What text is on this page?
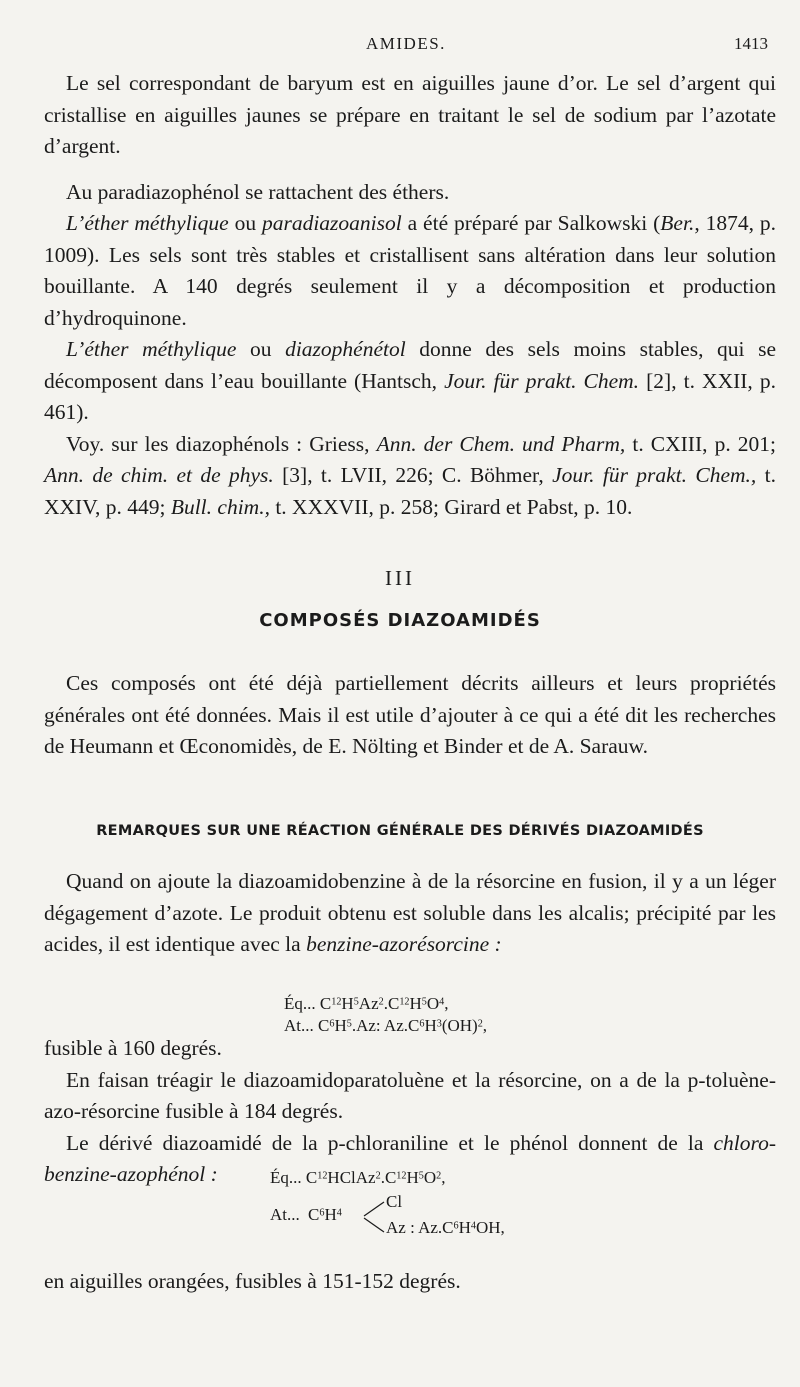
AMIDES.	1413

Le sel correspondant de baryum est en aiguilles jaune d’or. Le sel d’argent qui cristallise en aiguilles jaunes se prépare en traitant le sel de sodium par l’azotate d’argent.

Au paradiazophénol se rattachent des éthers.

L’éther méthylique ou paradiazoanisol a été préparé par Salkowski (Ber., 1874, p. 1009). Les sels sont très stables et cristallisent sans altération dans leur solution bouillante. A 140 degrés seulement il y a décomposition et production d’hydroquinone.

L’éther méthylique ou diazophénétol donne des sels moins stables, qui se décomposent dans l’eau bouillante (Hantsch, Jour. für prakt. Chem. [2], t. XXII, p. 461).

Voy. sur les diazophénols : Griess, Ann. der Chem. und Pharm, t. CXIII, p. 201; Ann. de chim. et de phys. [3], t. LVII, 226; C. Böhmer, Jour. für prakt. Chem., t. XXIV, p. 449; Bull. chim., t. XXXVII, p. 258; Girard et Pabst, p. 10.

III
COMPOSÉS DIAZOAMIDÉS

Ces composés ont été déjà partiellement décrits ailleurs et leurs propriétés générales ont été données. Mais il est utile d’ajouter à ce qui a été dit les recherches de Heumann et Œconomidès, de E. Nölting et Binder et de A. Sarauw.

REMARQUES SUR UNE RÉACTION GÉNÉRALE DES DÉRIVÉS DIAZOAMIDÉS

Quand on ajoute la diazoamidobenzine à de la résorcine en fusion, il y a un léger dégagement d’azote. Le produit obtenu est soluble dans les alcalis; précipité par les acides, il est identique avec la benzine-azorésorcine :

Éq... $C^{12}H^5Az^2.C^{12}H^5O^4$,
At... $C^6H^5.Az$: $Az.C^6H^3(OH)^2$,

fusible à 160 degrés.

En faisan tréagir le diazoamidoparatoluène et la résorcine, on a de la p-toluène-azo-résorcine fusible à 184 degrés.

Le dérivé diazoamidé de la p-chloraniline et le phénol donnent de la chloro-benzine-azophénol :	Éq... $C^{12}HClAz^2.C^{12}H^5O^2$,
At... $C^6H^4$
Cl
Az : $Az.C^6H^4OH$,

en aiguilles orangées, fusibles à 151-152 degrés.
